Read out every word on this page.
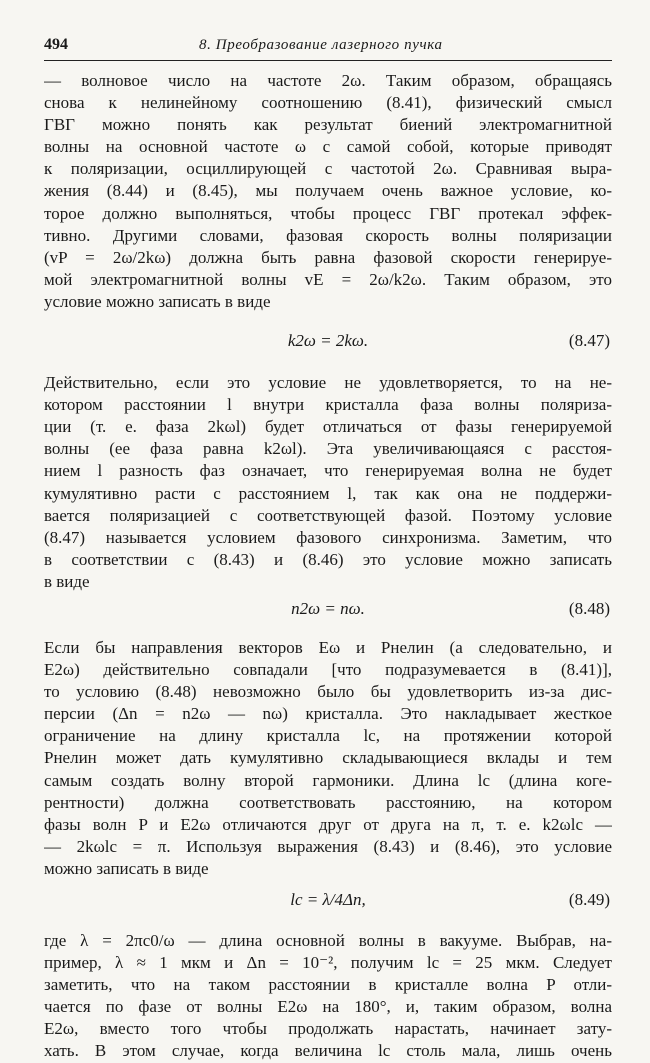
494	8. Преобразование лазерного пучка

— волновое число на частоте 2ω. Таким образом, обращаясь

снова к нелинейному соотношению (8.41), физический смысл

ГВГ можно понять как результат биений электромагнитной

волны на основной частоте ω с самой собой, которые приводят

к поляризации, осциллирующей с частотой 2ω. Сравнивая выра-

жения (8.44) и (8.45), мы получаем очень важное условие, ко-

торое должно выполняться, чтобы процесс ГВГ протекал эффек-

тивно. Другими словами, фазовая скорость волны поляризации

(vP = 2ω/2kω) должна быть равна фазовой скорости генерируе-

мой электромагнитной волны vE = 2ω/k2ω. Таким образом, это

условие можно записать в виде

k2ω = 2kω.	(8.47)

Действительно, если это условие не удовлетворяется, то на не-

котором расстоянии l внутри кристалла фаза волны поляриза-

ции (т. е. фаза 2kωl) будет отличаться от фазы генерируемой

волны (ее фаза равна k2ωl). Эта увеличивающаяся с расстоя-

нием l разность фаз означает, что генерируемая волна не будет

кумулятивно расти с расстоянием l, так как она не поддержи-

вается поляризацией с соответствующей фазой. Поэтому условие

(8.47) называется условием фазового синхронизма. Заметим, что

в соответствии с (8.43) и (8.46) это условие можно записать

в виде

n2ω = nω.	(8.48)

Если бы направления векторов Eω и Pнелин (а следовательно, и

E2ω) действительно совпадали [что подразумевается в (8.41)],

то условию (8.48) невозможно было бы удовлетворить из-за дис-

персии (Δn = n2ω — nω) кристалла. Это накладывает жесткое

ограничение на длину кристалла lc, на протяжении которой

Pнелин может дать кумулятивно складывающиеся вклады и тем

самым создать волну второй гармоники. Длина lc (длина коге-

рентности) должна соответствовать расстоянию, на котором

фазы волн P и E2ω отличаются друг от друга на π, т. е. k2ωlc —

— 2kωlc = π. Используя выражения (8.43) и (8.46), это условие

можно записать в виде

lc = λ/4Δn,	(8.49)

где λ = 2πc0/ω — длина основной волны в вакууме. Выбрав, на-

пример, λ ≈ 1 мкм и Δn = 10⁻², получим lc = 25 мкм. Следует

заметить, что на таком расстоянии в кристалле волна P отли-

чается по фазе от волны E2ω на 180°, и, таким образом, волна

E2ω, вместо того чтобы продолжать нарастать, начинает зату-

хать. В этом случае, когда величина lc столь мала, лишь очень
